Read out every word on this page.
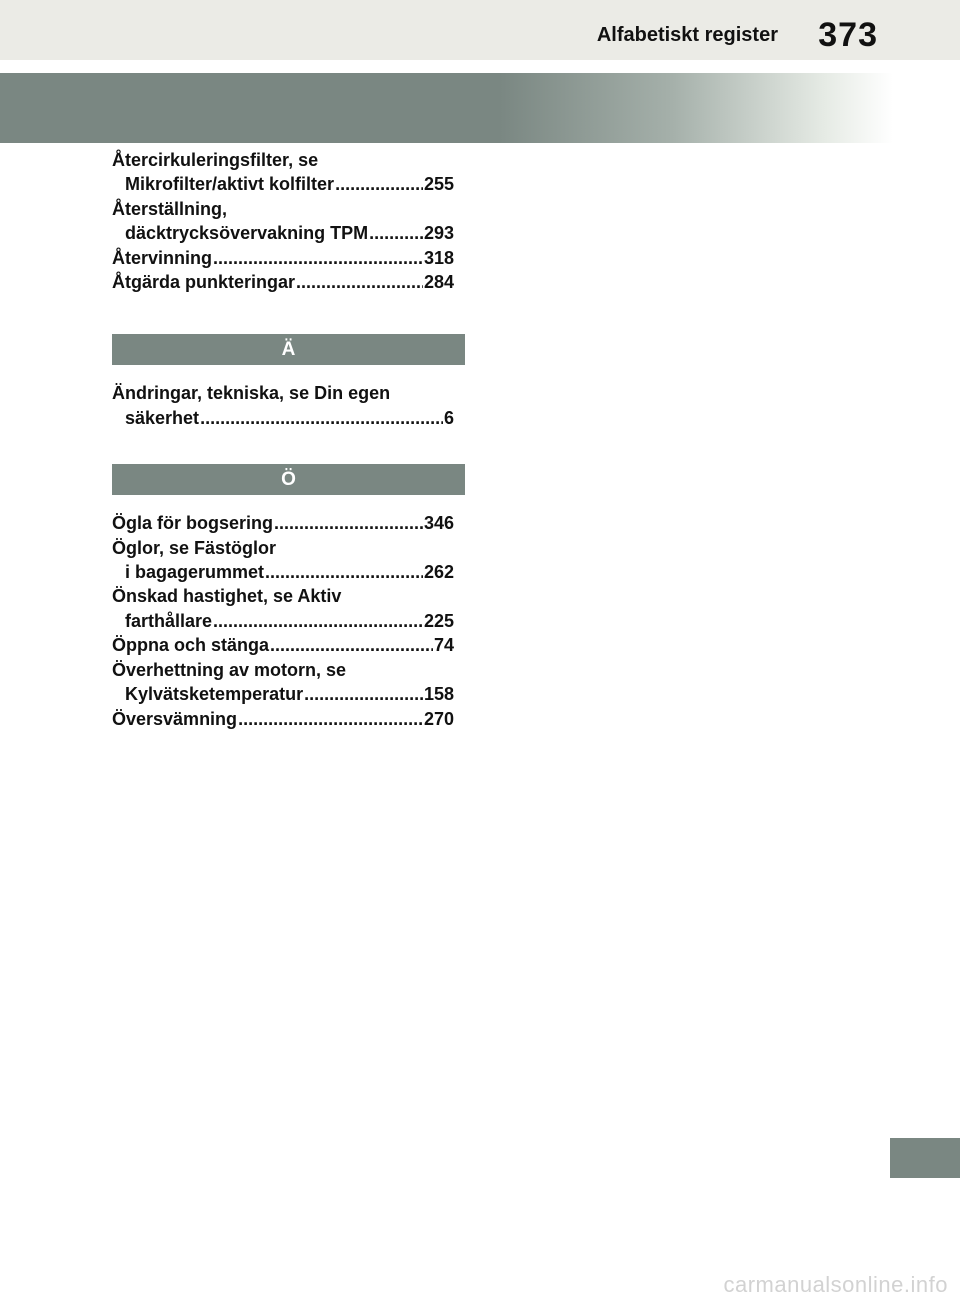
Alfabetiskt register 373
Återcirkuleringsfilter, se
Mikrofilter/aktivt kolfilter .....	255
Återställning,
däcktrycksövervakning TPM .....	293
Återvinning .....	318
Åtgärda punkteringar .....	284
Ä
Ändringar, tekniska, se Din egen
säkerhet .....	6
Ö
Ögla för bogsering .....	346
Öglor, se Fästöglor
i bagagerummet .....	262
Önskad hastighet, se Aktiv
farthållare .....	225
Öppna och stänga .....	74
Överhettning av motorn, se
Kylvätsketemperatur .....	158
Översvämning .....	270
carmanualsonline.info
